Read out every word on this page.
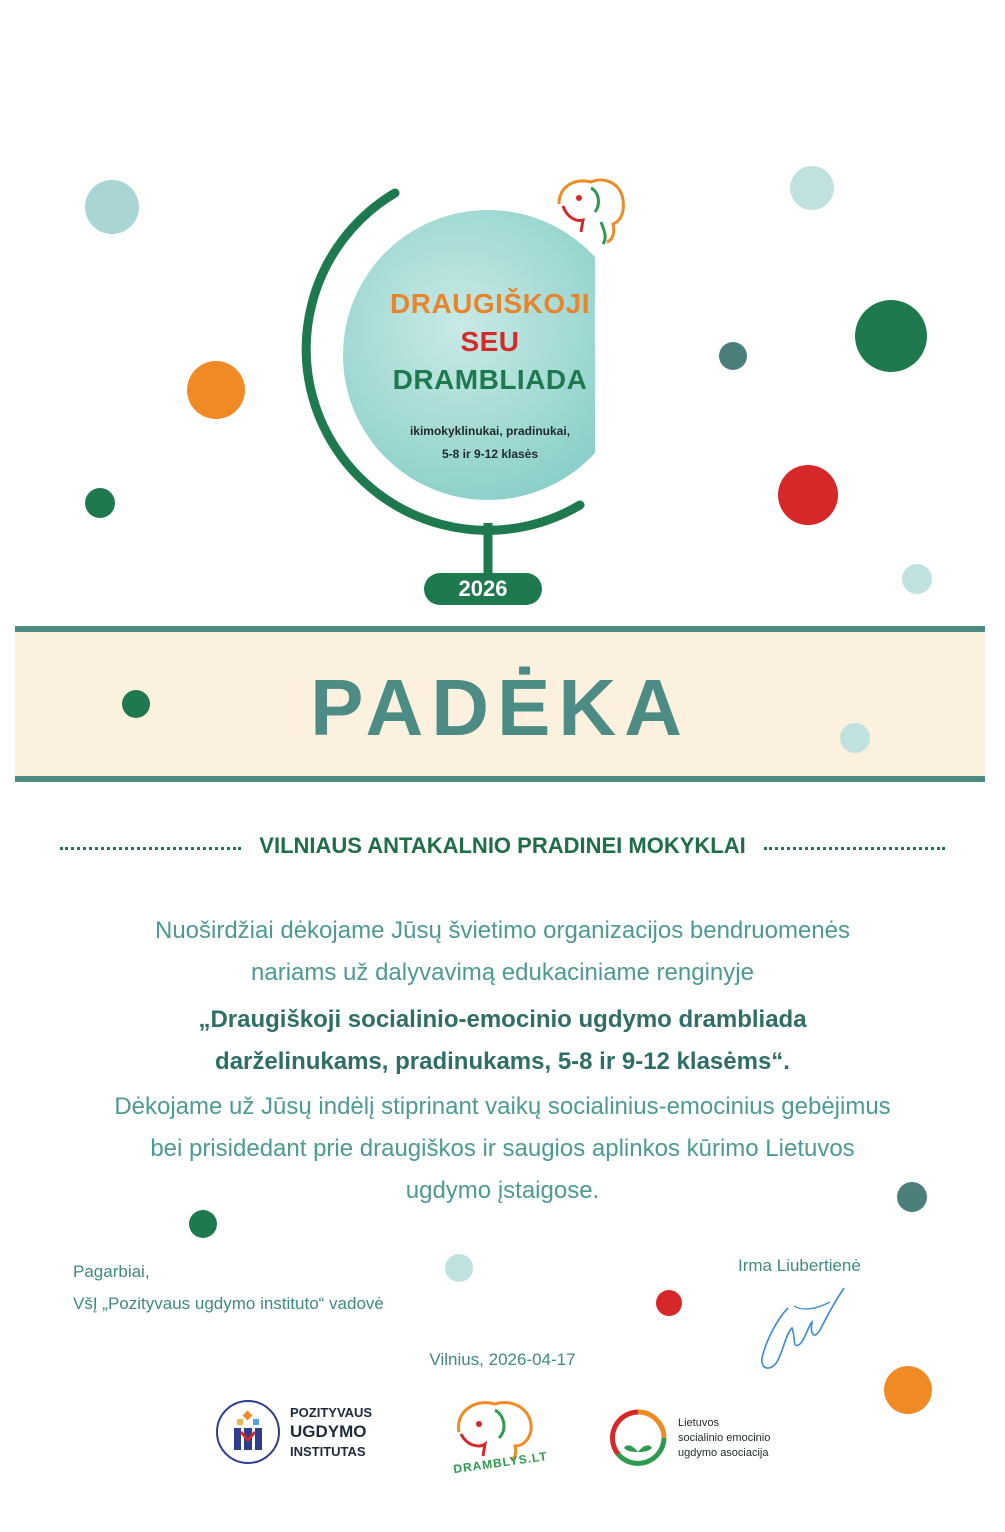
DRAUGIŠKOJI
SEU
DRAMBLIADA
ikimokyklinukai, pradinukai,
5-8 ir 9-12 klasės
2026
PADĖKA
VILNIAUS ANTAKALNIO PRADINEI MOKYKLAI
Nuoširdžiai dėkojame Jūsų švietimo organizacijos bendruomenės
nariams už dalyvavimą edukaciniame renginyje
„Draugiškoji socialinio-emocinio ugdymo drambliada
darželinukams, pradinukams, 5-8 ir 9-12 klasėms“.
Dėkojame už Jūsų indėlį stiprinant vaikų socialinius-emocinius gebėjimus
bei prisidedant prie draugiškos ir saugios aplinkos kūrimo Lietuvos
ugdymo įstaigose.
Pagarbiai,
VšĮ „Pozityvaus ugdymo instituto“ vadovė
Irma Liubertienė
Vilnius, 2026-04-17
POZITYVAUS
UGDYMO
INSTITUTAS	DRAMBLYS.LT
Lietuvos
socialinio emocinio
ugdymo asociacija
